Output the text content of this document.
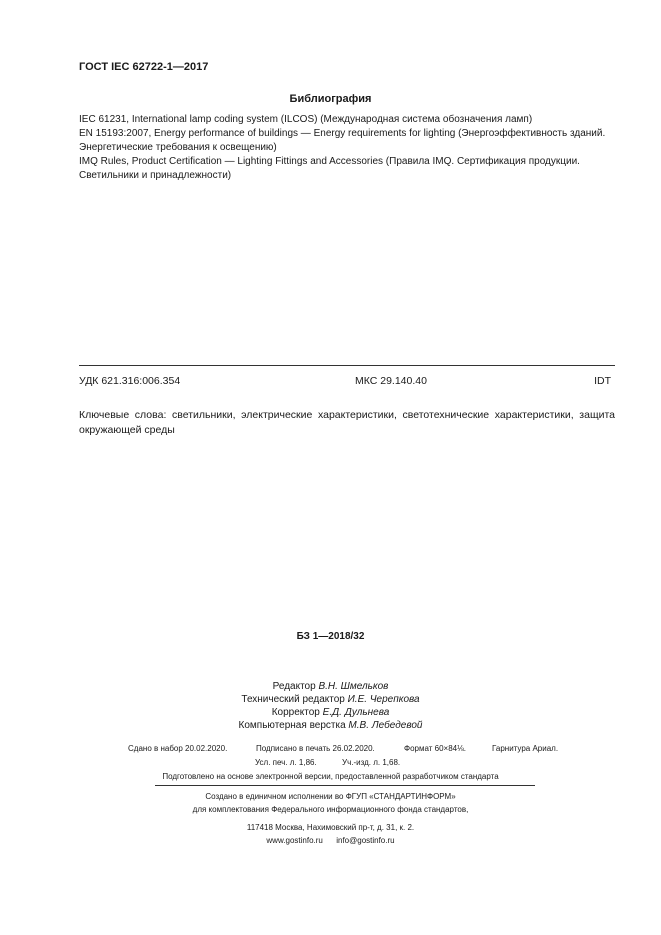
ГОСТ IEC 62722-1—2017
Библиография

IEC 61231, International lamp coding system (ILCOS) (Международная система обозначения ламп)

EN 15193:2007, Energy performance of buildings — Energy requirements for lighting (Энергоэффективность зданий. Энергетические требования к освещению)

IMQ Rules, Product Certification — Lighting Fittings and Accessories (Правила IMQ. Сертификация продукции. Светильники и принадлежности)

УДК 621.316:006.354	МКС 29.140.40	IDT
Ключевые слова: светильники, электрические характеристики, светотехнические характеристики, защита окружающей среды
БЗ 1—2018/32
Редактор В.Н. Шмельков
Технический редактор И.Е. Черепкова
Корректор Е.Д. Дульнева
Компьютерная верстка М.В. Лебедевой
Сдано в набор 20.02.2020.	Подписано в печать 26.02.2020.	Формат 60×84⅛.	Гарнитура Ариал.
Усл. печ. л. 1,86.	Уч.-изд. л. 1,68.
Подготовлено на основе электронной версии, предоставленной разработчиком стандарта

Создано в единичном исполнении во ФГУП «СТАНДАРТИНФОРМ»

для комплектования Федерального информационного фонда стандартов,

117418 Москва, Нахимовский пр-т, д. 31, к. 2.

www.gostinfo.ru info@gostinfo.ru
